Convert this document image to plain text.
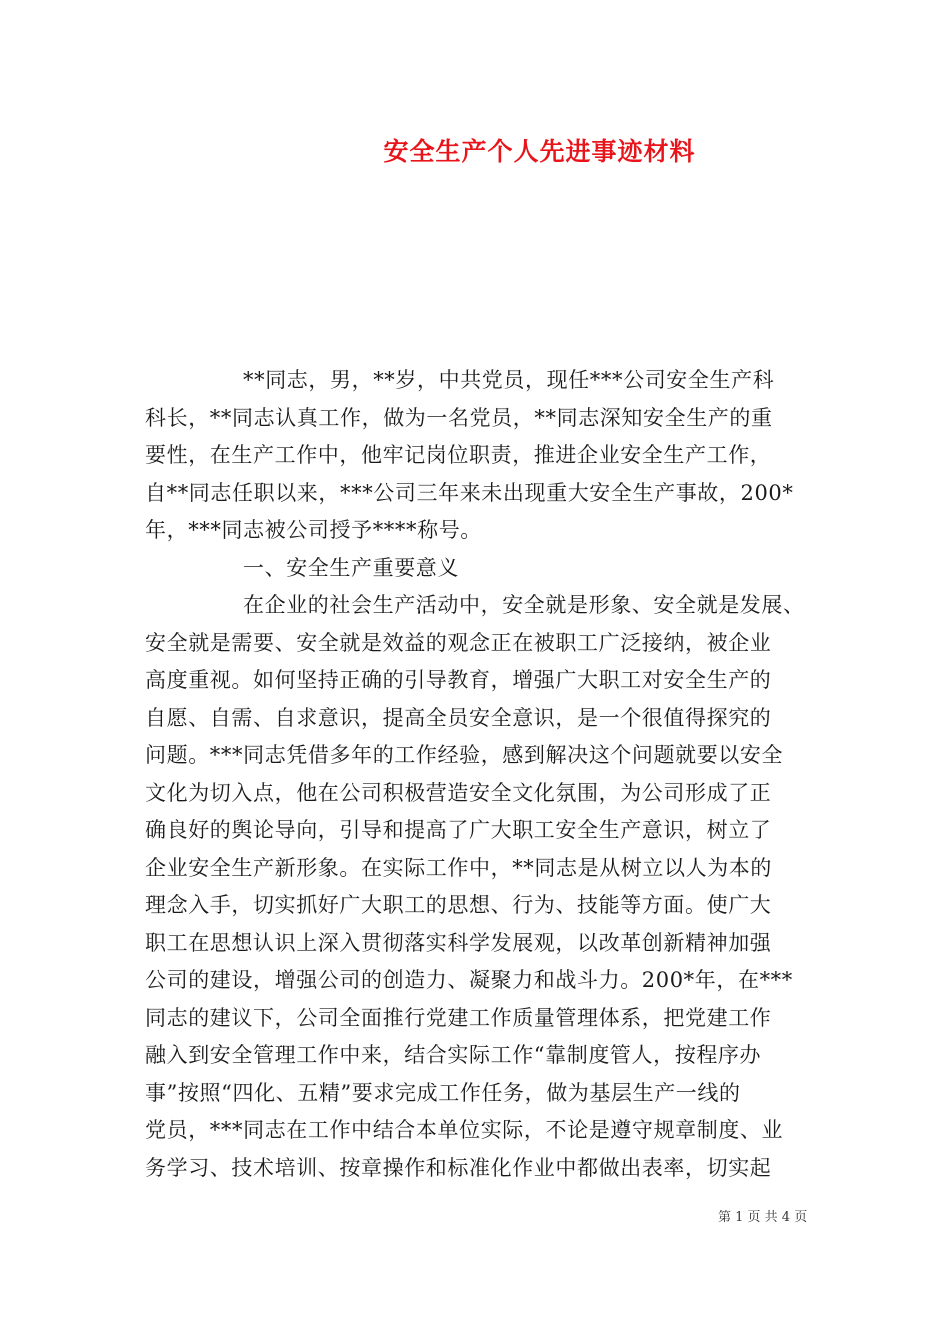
安全生产个人先进事迹材料
**同志，男，**岁，中共党员，现任***公司安全生产科
科长，**同志认真工作，做为一名党员，**同志深知安全生产的重
要性，在生产工作中，他牢记岗位职责，推进企业安全生产工作，
自**同志任职以来，***公司三年来未出现重大安全生产事故，200*
年，***同志被公司授予****称号。
一、安全生产重要意义
在企业的社会生产活动中，安全就是形象、安全就是发展、
安全就是需要、安全就是效益的观念正在被职工广泛接纳，被企业
高度重视。如何坚持正确的引导教育，增强广大职工对安全生产的
自愿、自需、自求意识，提高全员安全意识，是一个很值得探究的
问题。***同志凭借多年的工作经验，感到解决这个问题就要以安全
文化为切入点，他在公司积极营造安全文化氛围，为公司形成了正
确良好的舆论导向，引导和提高了广大职工安全生产意识，树立了
企业安全生产新形象。在实际工作中，**同志是从树立以人为本的
理念入手，切实抓好广大职工的思想、行为、技能等方面。使广大
职工在思想认识上深入贯彻落实科学发展观，以改革创新精神加强
公司的建设，增强公司的创造力、凝聚力和战斗力。200*年，在***
同志的建议下，公司全面推行党建工作质量管理体系，把党建工作
融入到安全管理工作中来，结合实际工作“靠制度管人，按程序办
事”按照“四化、五精”要求完成工作任务，做为基层生产一线的
党员，***同志在工作中结合本单位实际，不论是遵守规章制度、业
务学习、技术培训、按章操作和标准化作业中都做出表率，切实起
第 1 页 共 4 页
